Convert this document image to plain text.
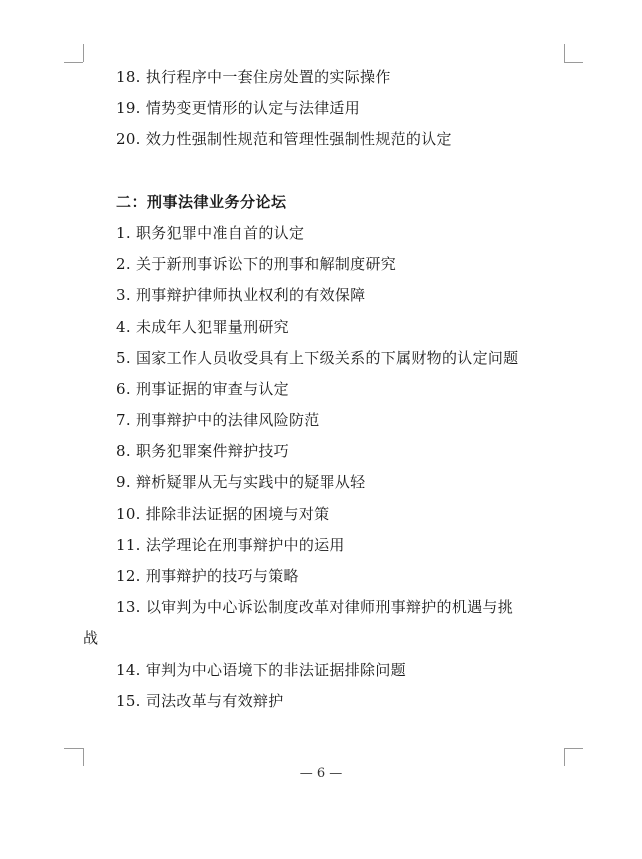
18. 执行程序中一套住房处置的实际操作
19. 情势变更情形的认定与法律适用
20. 效力性强制性规范和管理性强制性规范的认定
二：刑事法律业务分论坛
1. 职务犯罪中准自首的认定
2. 关于新刑事诉讼下的刑事和解制度研究
3. 刑事辩护律师执业权利的有效保障
4. 未成年人犯罪量刑研究
5. 国家工作人员收受具有上下级关系的下属财物的认定问题
6. 刑事证据的审查与认定
7. 刑事辩护中的法律风险防范
8. 职务犯罪案件辩护技巧
9. 辩析疑罪从无与实践中的疑罪从轻
10. 排除非法证据的困境与对策
11. 法学理论在刑事辩护中的运用
12. 刑事辩护的技巧与策略
13. 以审判为中心诉讼制度改革对律师刑事辩护的机遇与挑
战
14. 审判为中心语境下的非法证据排除问题
15. 司法改革与有效辩护
— 6 —
